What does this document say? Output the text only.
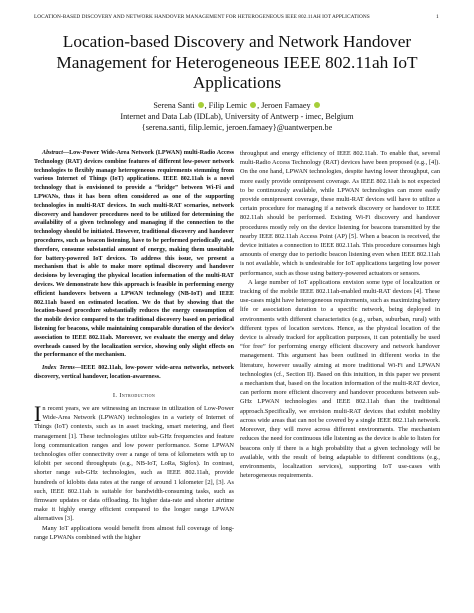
LOCATION-BASED DISCOVERY AND NETWORK HANDOVER MANAGEMENT FOR HETEROGENEOUS IEEE 802.11AH IOT APPLICATIONS	1
Location-based Discovery and Network Handover Management for Heterogeneous IEEE 802.11ah IoT Applications
Serena Santi , Filip Lemic , Jeroen Famaey
Internet and Data Lab (IDLab), University of Antwerp - imec, Belgium
{serena.santi, filip.lemic, jeroen.famaey}@uantwerpen.be

Abstract—Low-Power Wide-Area Network (LPWAN) multi-Radio Access Technology (RAT) devices combine features of different low-power network technologies to flexibly manage heterogeneous requirements stemming from various Internet of Things (IoT) applications. IEEE 802.11ah is a novel technology that is envisioned to provide a “bridge” between Wi-Fi and LPWANs, thus it has been often considered as one of the supporting technologies in multi-RAT devices. In such multi-RAT scenarios, network discovery and handover procedures need to be utilized for determining the availability of a given technology and managing if the connection to the technology should be initiated. However, traditional discovery and handover procedures, such as beacon listening, have to be performed periodically and, therefore, consume substantial amount of energy, making them unsuitable for battery-powered IoT devices. To address this issue, we present a mechanism that is able to make more optimal discovery and handover decisions by leveraging the physical location information of the multi-RAT devices. We demonstrate how this approach is feasible in performing energy efficient handovers between a LPWAN technology (NB-IoT) and IEEE 802.11ah based on estimated location. We do that by showing that the location-based procedure substantially reduces the energy consumption of the mobile device compared to the traditional discovery based on periodical listening for beacons, while maintaining comparable duration of the device’s association to IEEE 802.11ah. Moreover, we evaluate the energy and delay overheads caused by the localization service, showing only slight effects on the performance of the mechanism.

Index Terms—IEEE 802.11ah, low-power wide-area networks, network discovery, vertical handover, location-awareness.

I. Introduction

In recent years, we are witnessing an increase in utilization of Low-Power Wide-Area Network (LPWAN) technologies in a variety of Internet of Things (IoT) contexts, such as in asset tracking, smart metering, and fleet management [1]. These technologies utilize sub-GHz frequencies and feature long communication ranges and low power performance. Some LPWAN technologies offer connectivity over a range of tens of kilometers with up to kilobit per second throughputs (e.g., NB-IoT, LoRa, Sigfox). In contrast, shorter range sub-GHz technologies, such as IEEE 802.11ah, provide hundreds of kilobits data rates at the range of around 1 kilometer [2], [3]. As such, IEEE 802.11ah is suitable for bandwidth-consuming tasks, such as firmware updates or data offloading. Its higher data-rate and shorter airtime make it highly energy efficient compared to the longer range LPWAN alternatives [3].

Many IoT applications would benefit from almost full coverage of long-range LPWANs combined with the higher

throughput and energy efficiency of IEEE 802.11ah. To enable that, several multi-Radio Access Technology (RAT) devices have been proposed (e.g., [4]). On the one hand, LPWAN technologies, despite having lower throughput, can more easily provide omnipresent coverage. As IEEE 802.11ah is not expected to be continuously available, while LPWAN technologies can more easily provide omnipresent coverage, these multi-RAT devices will have to utilize a certain procedure for managing if a network discovery or handover to IEEE 802.11ah should be performed. Existing Wi-Fi discovery and handover procedures mostly rely on the device listening for beacons transmitted by the nearby IEEE 802.11ah Access Point (AP) [5]. When a beacon is received, the device initiates a connection to IEEE 802.11ah. This procedure consumes high amounts of energy due to periodic beacon listening even when IEEE 802.11ah is not available, which is undesirable for IoT applications targeting low power performance, such as those using battery-powered actuators or sensors.

A large number of IoT applications envision some type of localization or tracking of the mobile IEEE 802.11ah-enabled multi-RAT devices [4]. These use-cases might have heterogeneous requirements, such as maximizing battery life or association duration to a specific network, being deployed in environments with different characteristics (e.g., urban, suburban, rural) with different types of location services. Hence, as the physical location of the device is already tracked for application purposes, it can potentially be used “for free” for performing energy efficient discovery and network handover management. This argument has been outlined in different works in the literature, however usually aiming at more traditional Wi-Fi and LPWAN technologies (cf., Section II). Based on this intuition, in this paper we present a mechanism that, based on the location information of the multi-RAT device, can perform more efficient discovery and handover procedures between sub-GHz LPWAN technologies and IEEE 802.11ah than the traditional approach.Specifically, we envision multi-RAT devices that exhibit mobility across wide areas that can not be covered by a single IEEE 802.11ah network. Moreover, they will move across different environments. The mechanism reduces the need for continuous idle listening as the device is able to listen for beacons only if there is a high probability that a given technology will be available, with the result of being adaptable to different conditions (e.g., environments, localization services), supporting IoT use-cases with heterogeneous requirements.
